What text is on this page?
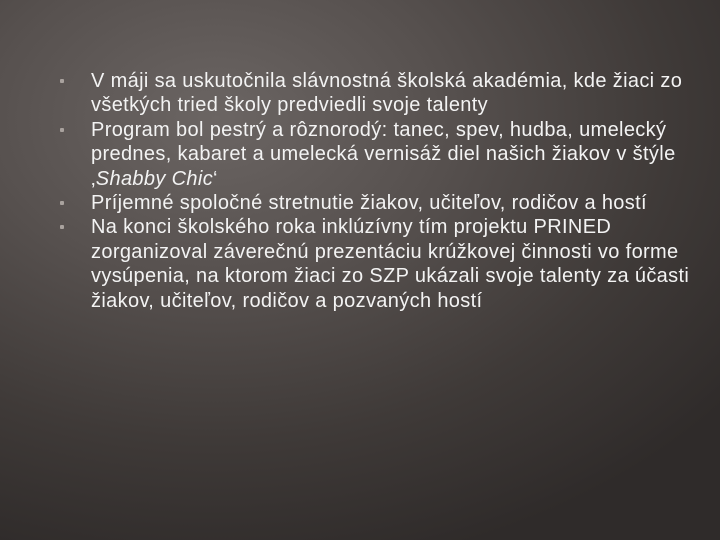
V máji sa uskutočnila slávnostná školská akadémia, kde žiaci zo všetkých tried školy predviedli svoje talenty
Program bol pestrý a rôznorodý: tanec, spev, hudba, umelecký prednes, kabaret a umelecká vernisáž diel našich žiakov v štýle ‚Shabby Chic‘
Príjemné spoločné stretnutie žiakov, učiteľov, rodičov a hostí
Na konci školského roka inklúzívny tím projektu PRINED zorganizoval záverečnú prezentáciu krúžkovej činnosti vo forme vysúpenia, na ktorom žiaci zo SZP ukázali svoje talenty za účasti žiakov, učiteľov, rodičov a pozvaných hostí
